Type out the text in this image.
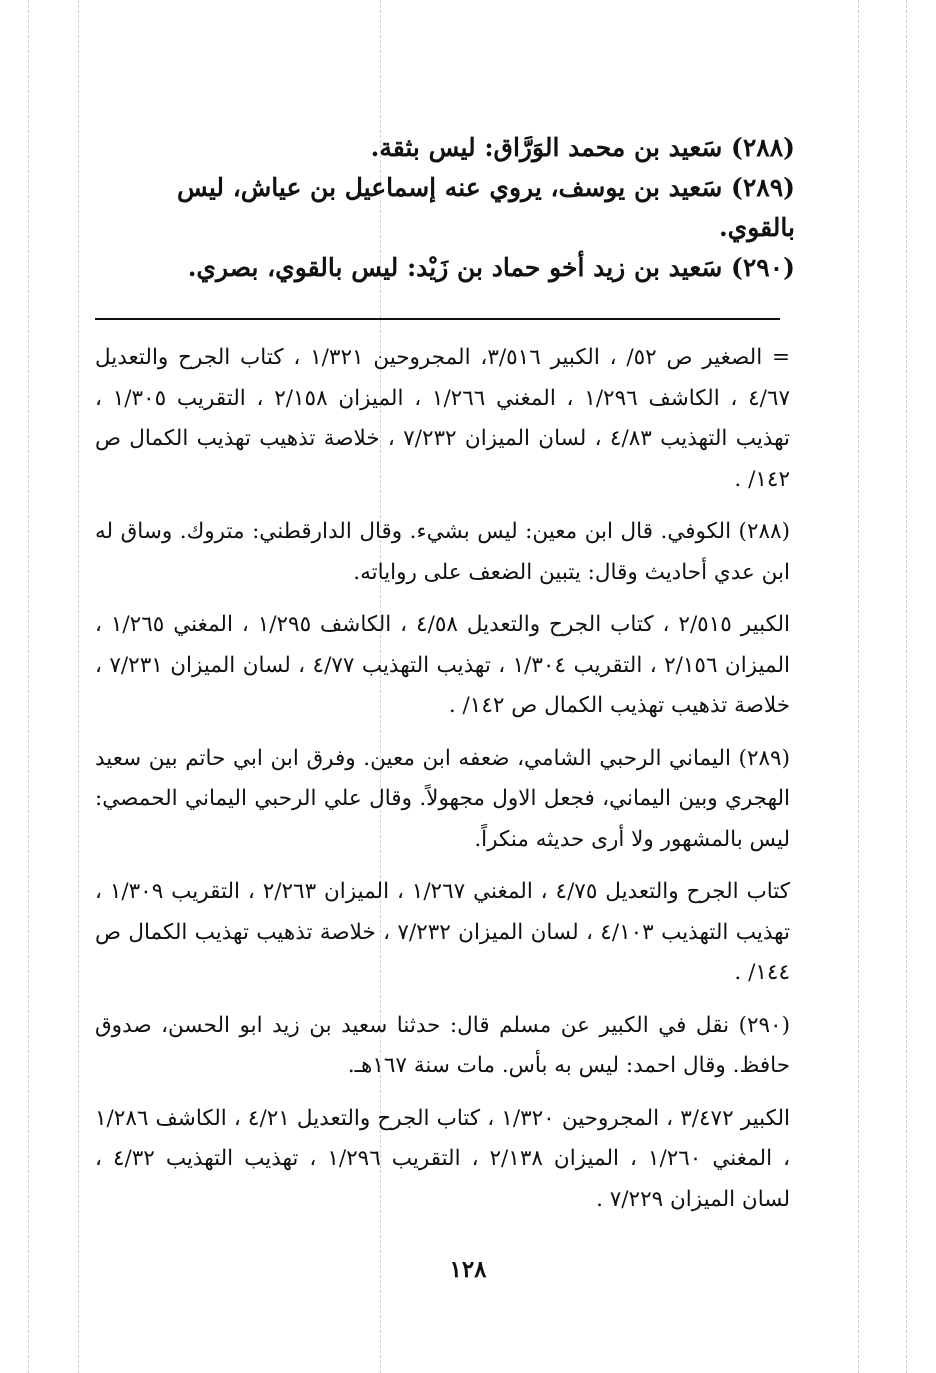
(٢٨٨) سَعيد بن محمد الوَرَّاق: ليس بثقة.

(٢٨٩) سَعيد بن يوسف، يروي عنه إسماعيل بن عياش، ليس بالقوي.

(٢٩٠) سَعيد بن زيد أخو حماد بن زَيْد: ليس بالقوي، بصري.

= الصغير ص ٥٢/ ، الكبير ٣/٥١٦، المجروحين ١/٣٢١ ، كتاب الجرح والتعديل ٤/٦٧ ، الكاشف ١/٢٩٦ ، المغني ١/٢٦٦ ، الميزان ٢/١٥٨ ، التقريب ١/٣٠٥ ، تهذيب التهذيب ٤/٨٣ ، لسان الميزان ٧/٢٣٢ ، خلاصة تذهيب تهذيب الكمال ص ١٤٢/ .

(٢٨٨) الكوفي. قال ابن معين: ليس بشيء. وقال الدارقطني: متروك. وساق له ابن عدي أحاديث وقال: يتبين الضعف على رواياته.

الكبير ٢/٥١٥ ، كتاب الجرح والتعديل ٤/٥٨ ، الكاشف ١/٢٩٥ ، المغني ١/٢٦٥ ، الميزان ٢/١٥٦ ، التقريب ١/٣٠٤ ، تهذيب التهذيب ٤/٧٧ ، لسان الميزان ٧/٢٣١ ، خلاصة تذهيب تهذيب الكمال ص ١٤٢/ .

(٢٨٩) اليماني الرحبي الشامي، ضعفه ابن معين. وفرق ابن ابي حاتم بين سعيد الهجري وبين اليماني، فجعل الاول مجهولاً. وقال علي الرحبي اليماني الحمصي: ليس بالمشهور ولا أرى حديثه منكراً.

كتاب الجرح والتعديل ٤/٧٥ ، المغني ١/٢٦٧ ، الميزان ٢/٢٦٣ ، التقريب ١/٣٠٩ ، تهذيب التهذيب ٤/١٠٣ ، لسان الميزان ٧/٢٣٢ ، خلاصة تذهيب تهذيب الكمال ص ١٤٤/ .

(٢٩٠) نقل في الكبير عن مسلم قال: حدثنا سعيد بن زيد ابو الحسن، صدوق حافظ. وقال احمد: ليس به بأس. مات سنة ١٦٧هـ.

الكبير ٣/٤٧٢ ، المجروحين ١/٣٢٠ ، كتاب الجرح والتعديل ٤/٢١ ، الكاشف ١/٢٨٦ ، المغني ١/٢٦٠ ، الميزان ٢/١٣٨ ، التقريب ١/٢٩٦ ، تهذيب التهذيب ٤/٣٢ ، لسان الميزان ٧/٢٢٩ .

١٢٨
